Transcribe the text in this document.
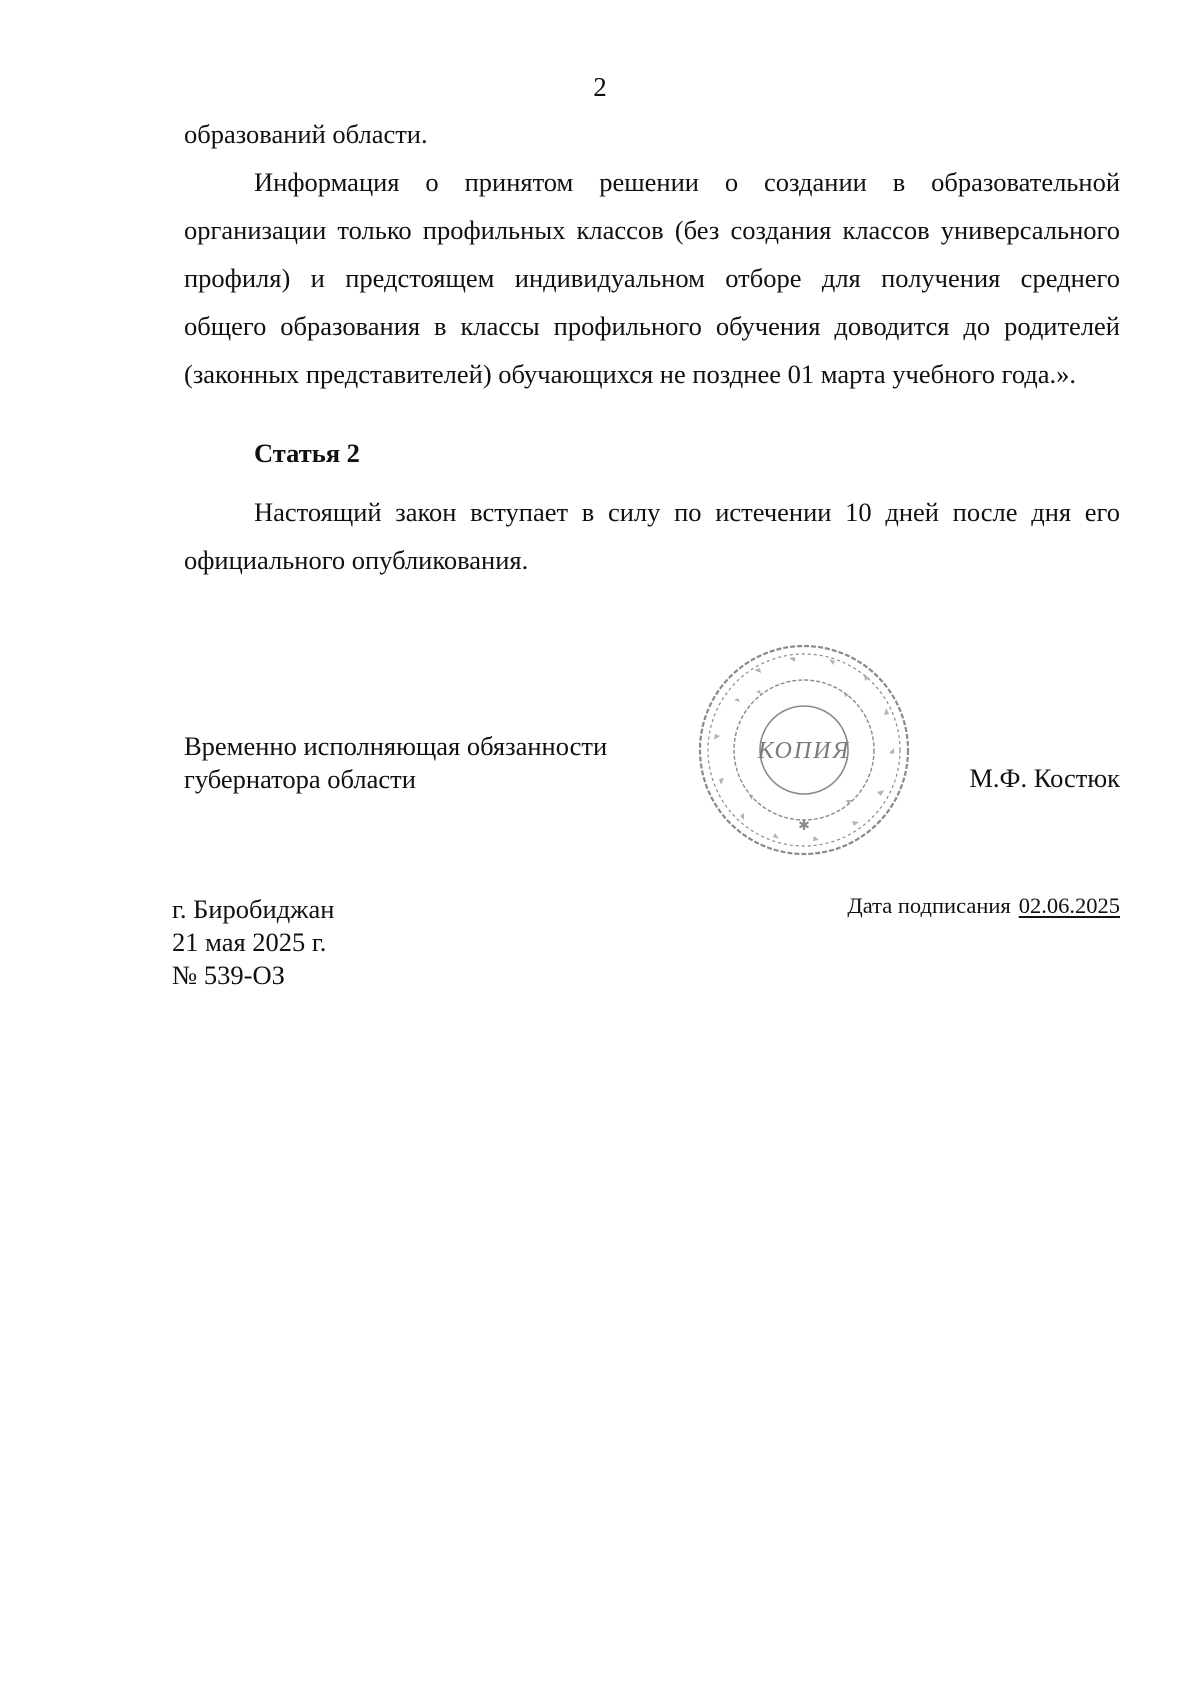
2
образований области.
Информация о принятом решении о создании в образовательной
организации только профильных классов (без создания классов универсального
профиля) и предстоящем индивидуальном отборе для получения среднего
общего образования в классы профильного обучения доводится до родителей
(законных представителей) обучающихся не позднее 01 марта учебного года.».
Статья 2
Настоящий закон вступает в силу по истечении 10 дней после дня его
официального опубликования.
КОПИЯ
✱
Временно исполняющая обязанности
губернатора области	М.Ф. Костюк
г. Биробиджан
21 мая 2025 г.
№ 539-ОЗ
Дата подписания 02.06.2025
